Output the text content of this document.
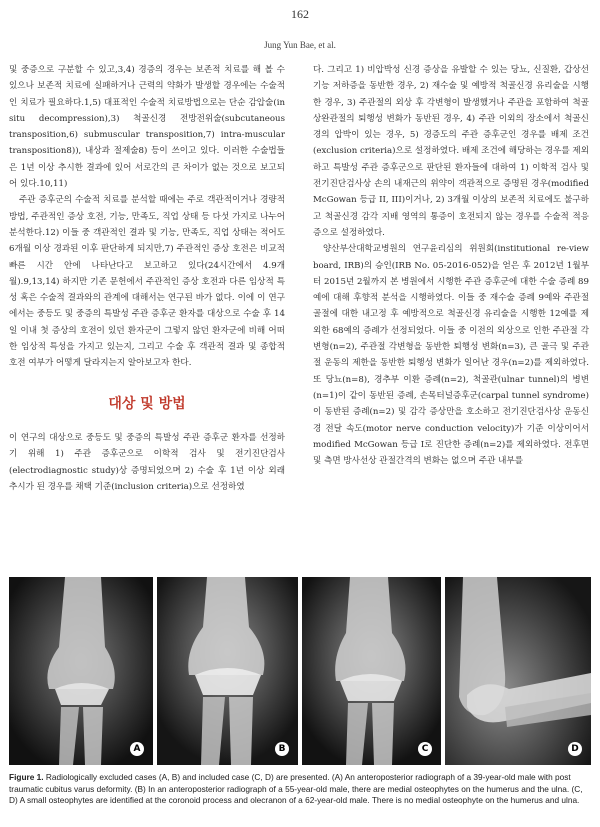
162
Jung Yun Bae, et al.

및 중증으로 구분할 수 있고,3,4) 경증의 경우는 보존적 치료를 해 볼 수 있으나 보존적 치료에 실패하거나 근력의 약화가 발생할 경우에는 수술적인 치료가 필요하다.1,5) 대표적인 수술적 치료방법으로는 단순 감압술(in situ decompression),3) 척골신경 전방전위술(subcutaneous transposition,6) submuscular transposition,7) intra-muscular transposition8)), 내상과 절제술8) 등이 쓰이고 있다. 이러한 수술법들은 1년 이상 추시한 결과에 있어 서로간의 큰 차이가 없는 것으로 보고되어 있다.10,11)

주관 증후군의 수술적 치료를 분석할 때에는 주로 객관적이거나 경량적 방법, 주관적인 증상 호전, 기능, 만족도, 직업 상태 등 다섯 가지로 나누어 분석한다.12) 이들 중 객관적인 결과 및 기능, 만족도, 직업 상태는 적어도 6개월 이상 경과된 이후 판단하게 되지만,7) 주관적인 증상 호전은 비교적 빠른 시간 안에 나타난다고 보고하고 있다(24시간에서 4.9개월).9,13,14) 하지만 기존 문헌에서 주관적인 증상 호전과 다른 임상적 특성 혹은 수술적 결과와의 관계에 대해서는 연구된 바가 없다. 이에 이 연구에서는 중등도 및 중증의 특발성 주관 증후군 환자를 대상으로 수술 후 14일 이내 첫 증상의 호전이 있던 환자군이 그렇지 않던 환자군에 비해 어떠한 임상적 특성을 가지고 있는지, 그리고 수술 후 객관적 결과 및 종합적 호전 여부가 어떻게 달라지는지 알아보고자 한다.

대상 및 방법

이 연구의 대상으로 중등도 및 중증의 특발성 주관 증후군 환자를 선정하기 위해 1) 주관 증후군으로 이학적 검사 및 전기진단검사(electrodiagnostic study)상 증명되었으며 2) 수술 후 1년 이상 외래 추시가 된 경우를 채택 기준(inclusion criteria)으로 선정하였

다. 그리고 1) 비압박성 신경 증상을 유발할 수 있는 당뇨, 신질환, 갑상선 기능 저하증을 동반한 경우, 2) 재수술 및 예방적 척골신경 유리술을 시행한 경우, 3) 주관절의 외상 후 각변형이 발생했거나 주관을 포함하여 척골 상완관절의 퇴행성 변화가 동반된 경우, 4) 주관 이외의 장소에서 척골신경의 압박이 있는 경우, 5) 경증도의 주관 증후군인 경우를 배제 조건(exclusion criteria)으로 설정하였다. 배제 조건에 해당하는 경우를 제외하고 특발성 주관 증후군으로 판단된 환자들에 대하여 1) 이학적 검사 및 전기진단검사상 손의 내재근의 위약이 객관적으로 증명된 경우(modified McGowan 등급 II, III)이거나, 2) 3개월 이상의 보존적 치료에도 불구하고 척골신경 감각 지배 영역의 통증이 호전되지 않는 경우를 수술적 적응증으로 설정하였다.

양산부산대학교병원의 연구윤리심의 위원회(institutional re-view board, IRB)의 승인(IRB No. 05-2016-052)을 얻은 후 2012년 1월부터 2015년 2월까지 본 병원에서 시행한 주관 증후군에 대한 수술 증례 89예에 대해 후향적 분석을 시행하였다. 이들 중 재수술 증례 9예와 주관절 골절에 대한 내고정 후 예방적으로 척골신경 유리술을 시행한 12예를 제외한 68예의 증례가 선정되었다. 이들 중 이전의 외상으로 인한 주관절 각변형(n=2), 주관절 각변형을 동반한 퇴행성 변화(n=3), 큰 골극 및 주관절 운동의 제한을 동반한 퇴행성 변화가 일어난 경우(n=2)를 제외하였다. 또 당뇨(n=8), 경추부 이환 증례(n=2), 척골관(ulnar tunnel)의 병변(n=1)이 같이 동반된 증례, 손목터널증후군(carpal tunnel syndrome)이 동반된 증례(n=2) 및 감각 증상만을 호소하고 전기진단검사상 운동신경 전달 속도(motor nerve conduction velocity)가 기준 이상이어서 modified McGowan 등급 I로 진단한 증례(n=2)를 제외하였다. 전후면 및 측면 방사선상 관절간격의 변화는 없으며 주관 내부를

A	B	C	D
Figure 1. Radiologically excluded cases (A, B) and included case (C, D) are presented. (A) An anteroposterior radiograph of a 39-year-old male with post traumatic cubitus varus deformity. (B) In an anteroposterior radiograph of a 55-year-old male, there are medial osteophytes on the humerus and the ulna. (C, D) A small osteophytes are identified at the coronoid process and olecranon of a 62-year-old male. There is no medial osteophyte on the humerus and ulna.
